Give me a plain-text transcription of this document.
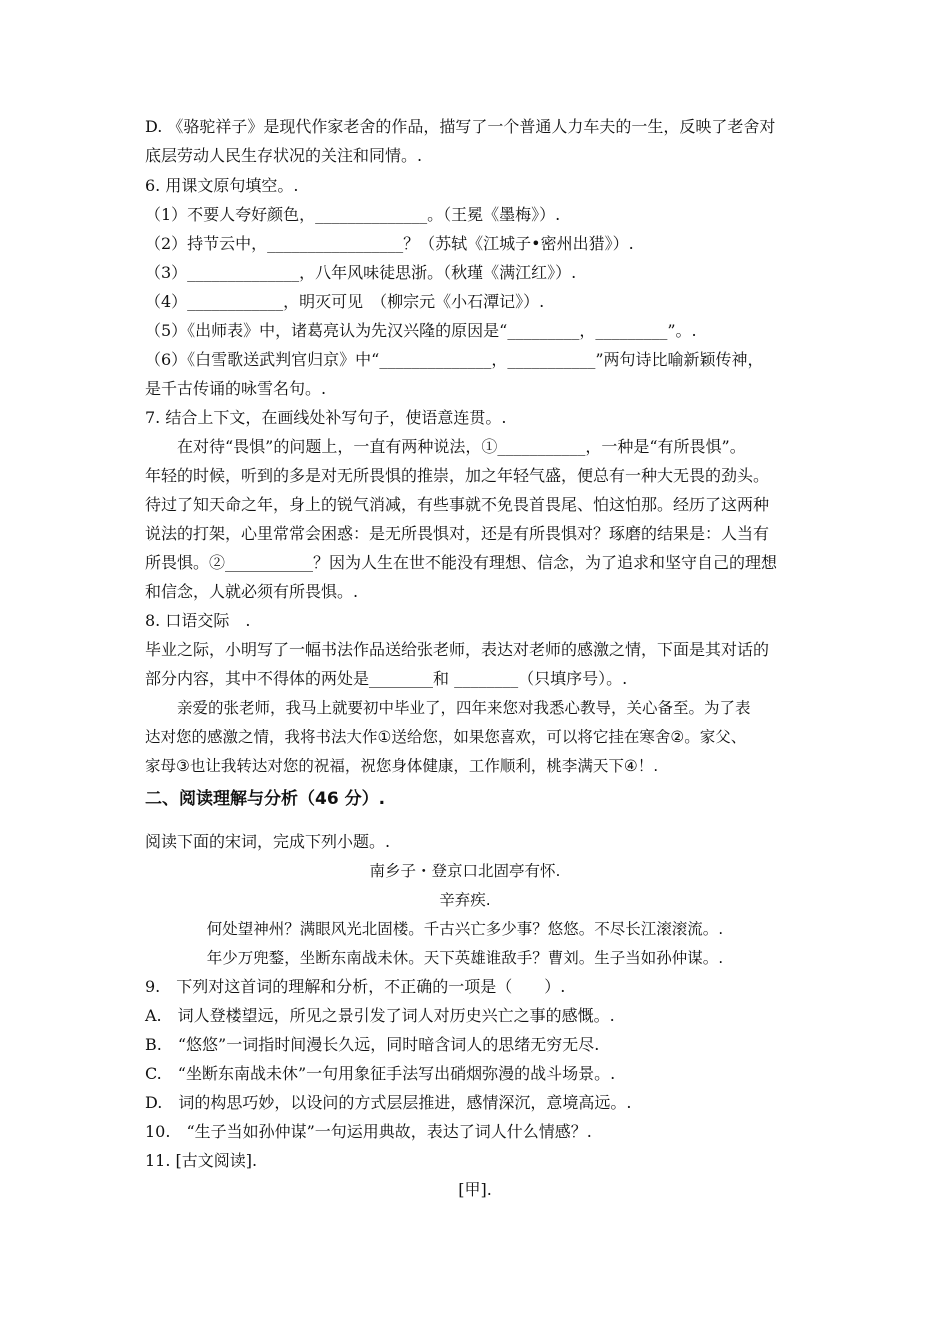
D. 《骆驼祥子》是现代作家老舍的作品，描写了一个普通人力车夫的一生，反映了老舍对
底层劳动人民生存状况的关注和同情。.
6. 用课文原句填空。.
（1）不要人夸好颜色，______________。（王冕《墨梅》）.
（2）持节云中，_________________？（苏轼《江城子•密州出猎》）.
（3）______________，八年风味徒思浙。（秋瑾《满江红》）.
（4）____________，明灭可见　（柳宗元《小石潭记》）.
（5）《出师表》中，诸葛亮认为先汉兴隆的原因是“_________，_________”。.
（6）《白雪歌送武判官归京》中“______________，___________”两句诗比喻新颖传神，
是千古传诵的咏雪名句。.
7. 结合上下文，在画线处补写句子，使语意连贯。.
在对待“畏惧”的问题上，一直有两种说法，①___________，一种是“有所畏惧”。
年轻的时候，听到的多是对无所畏惧的推崇，加之年轻气盛，便总有一种大无畏的劲头。
待过了知天命之年，身上的锐气消减，有些事就不免畏首畏尾、怕这怕那。经历了这两种
说法的打架，心里常常会困惑：是无所畏惧对，还是有所畏惧对？琢磨的结果是：人当有
所畏惧。②___________？因为人生在世不能没有理想、信念，为了追求和坚守自己的理想
和信念，人就必须有所畏惧。.
8. 口语交际　.
毕业之际，小明写了一幅书法作品送给张老师，表达对老师的感激之情，下面是其对话的
部分内容，其中不得体的两处是________和 ________（只填序号）。.
亲爱的张老师，我马上就要初中毕业了，四年来您对我悉心教导，关心备至。为了表
达对您的感激之情，我将书法大作①送给您，如果您喜欢，可以将它挂在寒舍②。家父、
家母③也让我转达对您的祝福，祝您身体健康，工作顺利，桃李满天下④！.
二、阅读理解与分析（46 分）.
阅读下面的宋词，完成下列小题。.
南乡子・登京口北固亭有怀.
辛弃疾.
何处望神州？满眼风光北固楼。千古兴亡多少事？悠悠。不尽长江滚滚流。.
年少万兜鍪，坐断东南战未休。天下英雄谁敌手？曹刘。生子当如孙仲谋。.
9.　下列对这首词的理解和分析，不正确的一项是（　　）.
A.　词人登楼望远，所见之景引发了词人对历史兴亡之事的感慨。.
B.　“悠悠”一词指时间漫长久远，同时暗含词人的思绪无穷无尽.
C.　“坐断东南战未休”一句用象征手法写出硝烟弥漫的战斗场景。.
D.　词的构思巧妙，以设问的方式层层推进，感情深沉，意境高远。.
10.　“生子当如孙仲谋”一句运用典故，表达了词人什么情感？.
11. [古文阅读].
[甲].
